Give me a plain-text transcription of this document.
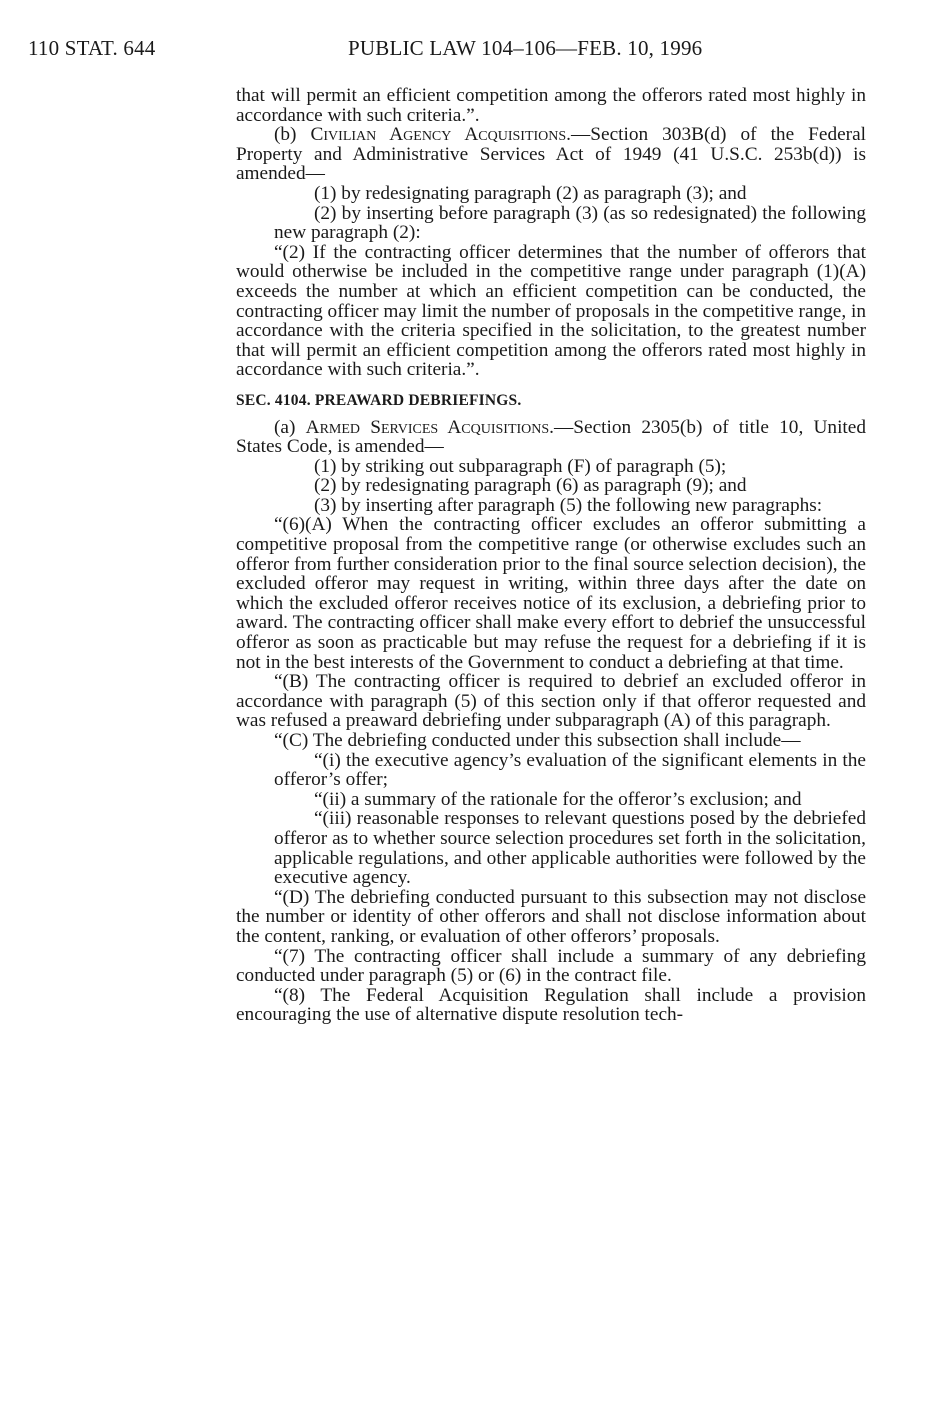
110 STAT. 644	PUBLIC LAW 104–106—FEB. 10, 1996

that will permit an efficient competition among the offerors rated most highly in accordance with such criteria.”.

(b) Civilian Agency Acquisitions.—Section 303B(d) of the Federal Property and Administrative Services Act of 1949 (41 U.S.C. 253b(d)) is amended—

(1) by redesignating paragraph (2) as paragraph (3); and

(2) by inserting before paragraph (3) (as so redesignated) the following new paragraph (2):

“(2) If the contracting officer determines that the number of offerors that would otherwise be included in the competitive range under paragraph (1)(A) exceeds the number at which an efficient competition can be conducted, the contracting officer may limit the number of proposals in the competitive range, in accordance with the criteria specified in the solicitation, to the greatest number that will permit an efficient competition among the offerors rated most highly in accordance with such criteria.”.

SEC. 4104. PREAWARD DEBRIEFINGS.

(a) Armed Services Acquisitions.—Section 2305(b) of title 10, United States Code, is amended—

(1) by striking out subparagraph (F) of paragraph (5);

(2) by redesignating paragraph (6) as paragraph (9); and

(3) by inserting after paragraph (5) the following new paragraphs:

“(6)(A) When the contracting officer excludes an offeror submitting a competitive proposal from the competitive range (or otherwise excludes such an offeror from further consideration prior to the final source selection decision), the excluded offeror may request in writing, within three days after the date on which the excluded offeror receives notice of its exclusion, a debriefing prior to award. The contracting officer shall make every effort to debrief the unsuccessful offeror as soon as practicable but may refuse the request for a debriefing if it is not in the best interests of the Government to conduct a debriefing at that time.

“(B) The contracting officer is required to debrief an excluded offeror in accordance with paragraph (5) of this section only if that offeror requested and was refused a preaward debriefing under subparagraph (A) of this paragraph.

“(C) The debriefing conducted under this subsection shall include—

“(i) the executive agency’s evaluation of the significant elements in the offeror’s offer;

“(ii) a summary of the rationale for the offeror’s exclusion; and

“(iii) reasonable responses to relevant questions posed by the debriefed offeror as to whether source selection procedures set forth in the solicitation, applicable regulations, and other applicable authorities were followed by the executive agency.

“(D) The debriefing conducted pursuant to this subsection may not disclose the number or identity of other offerors and shall not disclose information about the content, ranking, or evaluation of other offerors’ proposals.

“(7) The contracting officer shall include a summary of any debriefing conducted under paragraph (5) or (6) in the contract file.

“(8) The Federal Acquisition Regulation shall include a provision encouraging the use of alternative dispute resolution tech-
